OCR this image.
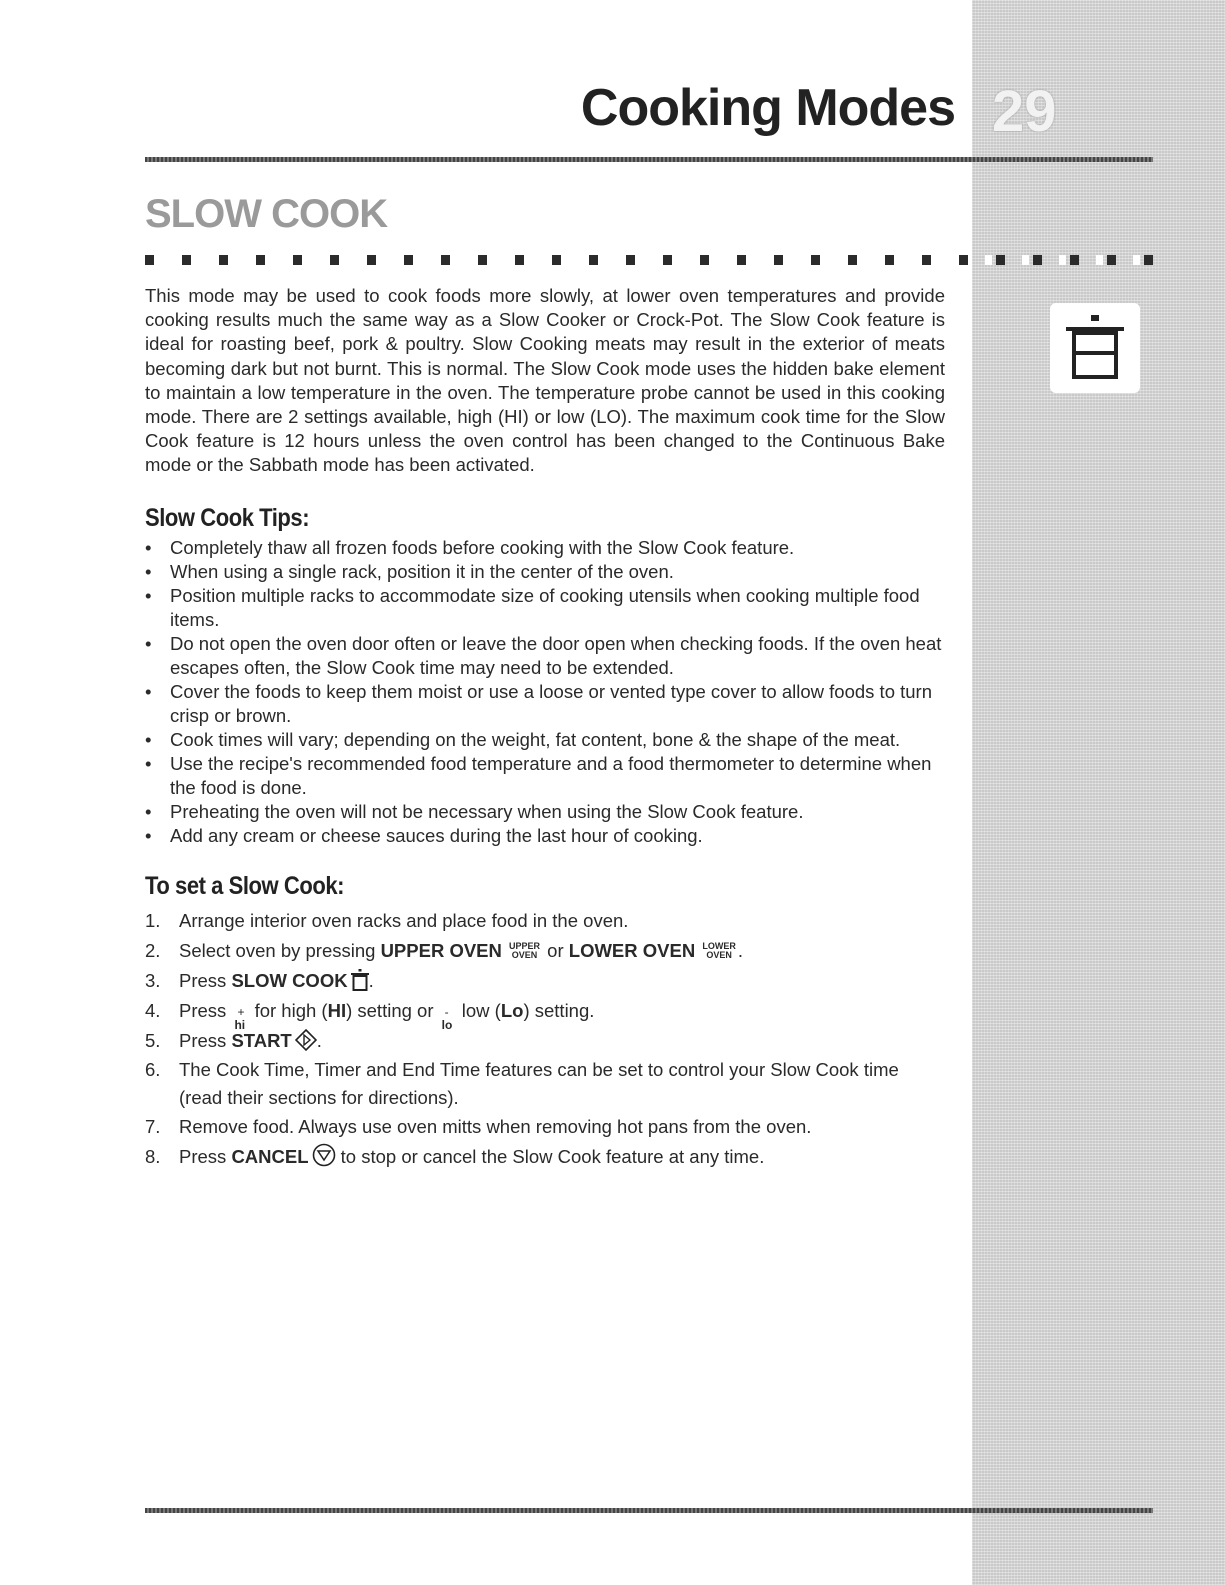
Cooking Modes 29
SLOW COOK

This mode may be used to cook foods more slowly, at lower oven temperatures and provide cooking results much the same way as a Slow Cooker or Crock-Pot. The Slow Cook feature is ideal for roasting beef, pork & poultry. Slow Cooking meats may result in the exterior of meats becoming dark but not burnt. This is normal. The Slow Cook mode uses the hidden bake element to maintain a low temperature in the oven. The temperature probe cannot be used in this cooking mode. There are 2 settings available, high (HI) or low (LO). The maximum cook time for the Slow Cook feature is 12 hours unless the oven control has been changed to the Continuous Bake mode or the Sabbath mode has been activated.

Slow Cook Tips:
• Completely thaw all frozen foods before cooking with the Slow Cook feature.
• When using a single rack, position it in the center of the oven.
• Position multiple racks to accommodate size of cooking utensils when cooking multiple food items.
• Do not open the oven door often or leave the door open when checking foods. If the oven heat escapes often, the Slow Cook time may need to be extended.
• Cover the foods to keep them moist or use a loose or vented type cover to allow foods to turn crisp or brown.
• Cook times will vary; depending on the weight, fat content, bone & the shape of the meat.
• Use the recipe's recommended food temperature and a food thermometer to determine when the food is done.
• Preheating the oven will not be necessary when using the Slow Cook feature.
• Add any cream or cheese sauces during the last hour of cooking.
To set a Slow Cook:
1. Arrange interior oven racks and place food in the oven.
2. Select oven by pressing UPPER OVEN UPPER
OVEN or LOWER OVEN LOWER
OVEN .
3. Press SLOW COOK .
4. Press +
hi
for high (HI) setting or -
lo
low (Lo) setting.
5. Press START .
6. The Cook Time, Timer and End Time features can be set to control your Slow Cook time (read their sections for directions).
7. Remove food. Always use oven mitts when removing hot pans from the oven.
8. Press CANCEL to stop or cancel the Slow Cook feature at any time.
